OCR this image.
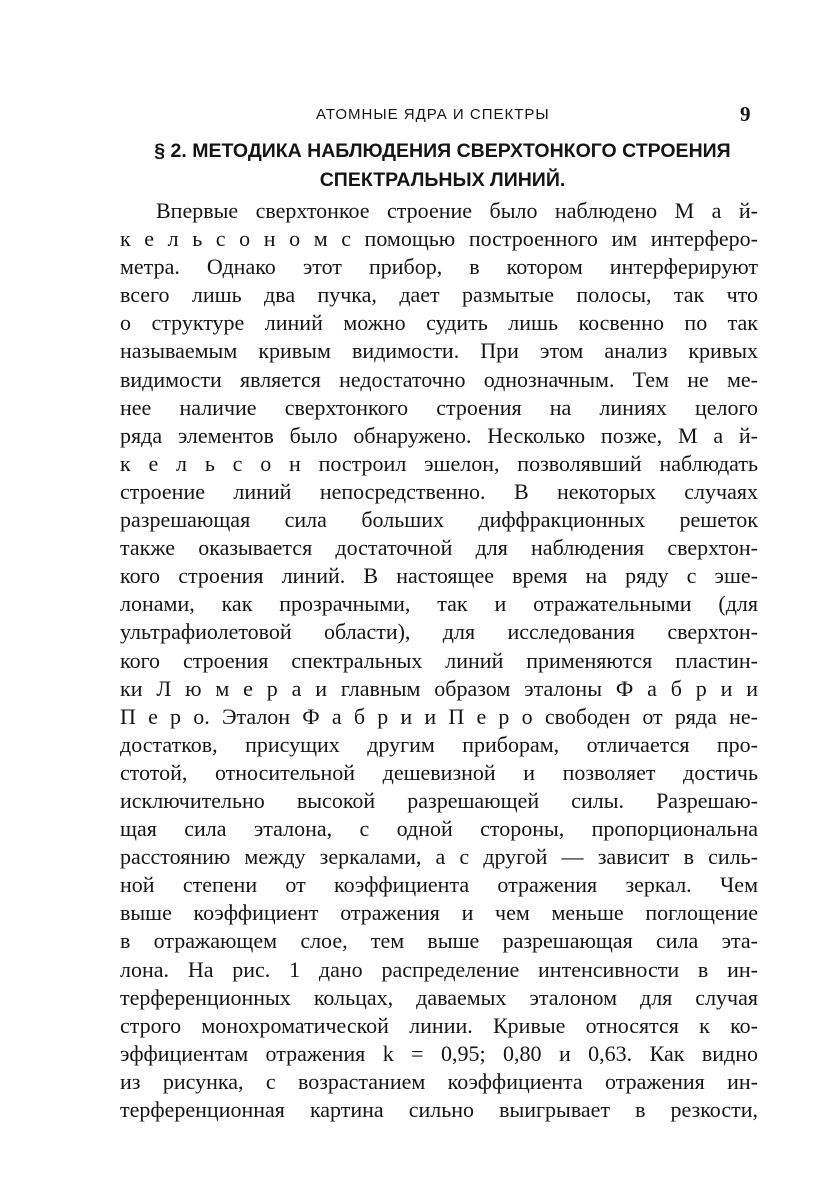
АТОМНЫЕ ЯДРА И СПЕКТРЫ	9
§ 2. МЕТОДИКА НАБЛЮДЕНИЯ СВЕРХТОНКОГО СТРОЕНИЯ
СПЕКТРАЛЬНЫХ ЛИНИЙ.
Впервые сверхтонкое строение было наблюдено М а й-
к е л ь с о н о м с помощью построенного им интерферо-
метра. Однако этот прибор, в котором интерферируют
всего лишь два пучка, дает размытые полосы, так что
о структуре линий можно судить лишь косвенно по так
называемым кривым видимости. При этом анализ кривых
видимости является недостаточно однозначным. Тем не ме-
нее наличие сверхтонкого строения на линиях целого
ряда элементов было обнаружено. Несколько позже, М а й-
к е л ь с о н построил эшелон, позволявший наблюдать
строение линий непосредственно. В некоторых случаях
разрешающая сила больших диффракционных решеток
также оказывается достаточной для наблюдения сверхтон-
кого строения линий. В настоящее время на ряду с эше-
лонами, как прозрачными, так и отражательными (для
ультрафиолетовой области), для исследования сверхтон-
кого строения спектральных линий применяются пластин-
ки Л ю м е р а и главным образом эталоны Ф а б р и и
П е р о. Эталон Ф а б р и и П е р о свободен от ряда не-
достатков, присущих другим приборам, отличается про-
стотой, относительной дешевизной и позволяет достичь
исключительно высокой разрешающей силы. Разрешаю-
щая сила эталона, с одной стороны, пропорциональна
расстоянию между зеркалами, а с другой — зависит в силь-
ной степени от коэффициента отражения зеркал. Чем
выше коэффициент отражения и чем меньше поглощение
в отражающем слое, тем выше разрешающая сила эта-
лона. На рис. 1 дано распределение интенсивности в ин-
терференционных кольцах, даваемых эталоном для случая
строго монохроматической линии. Кривые относятся к ко-
эффициентам отражения k = 0,95; 0,80 и 0,63. Как видно
из рисунка, с возрастанием коэффициента отражения ин-
терференционная картина сильно выигрывает в резкости,
